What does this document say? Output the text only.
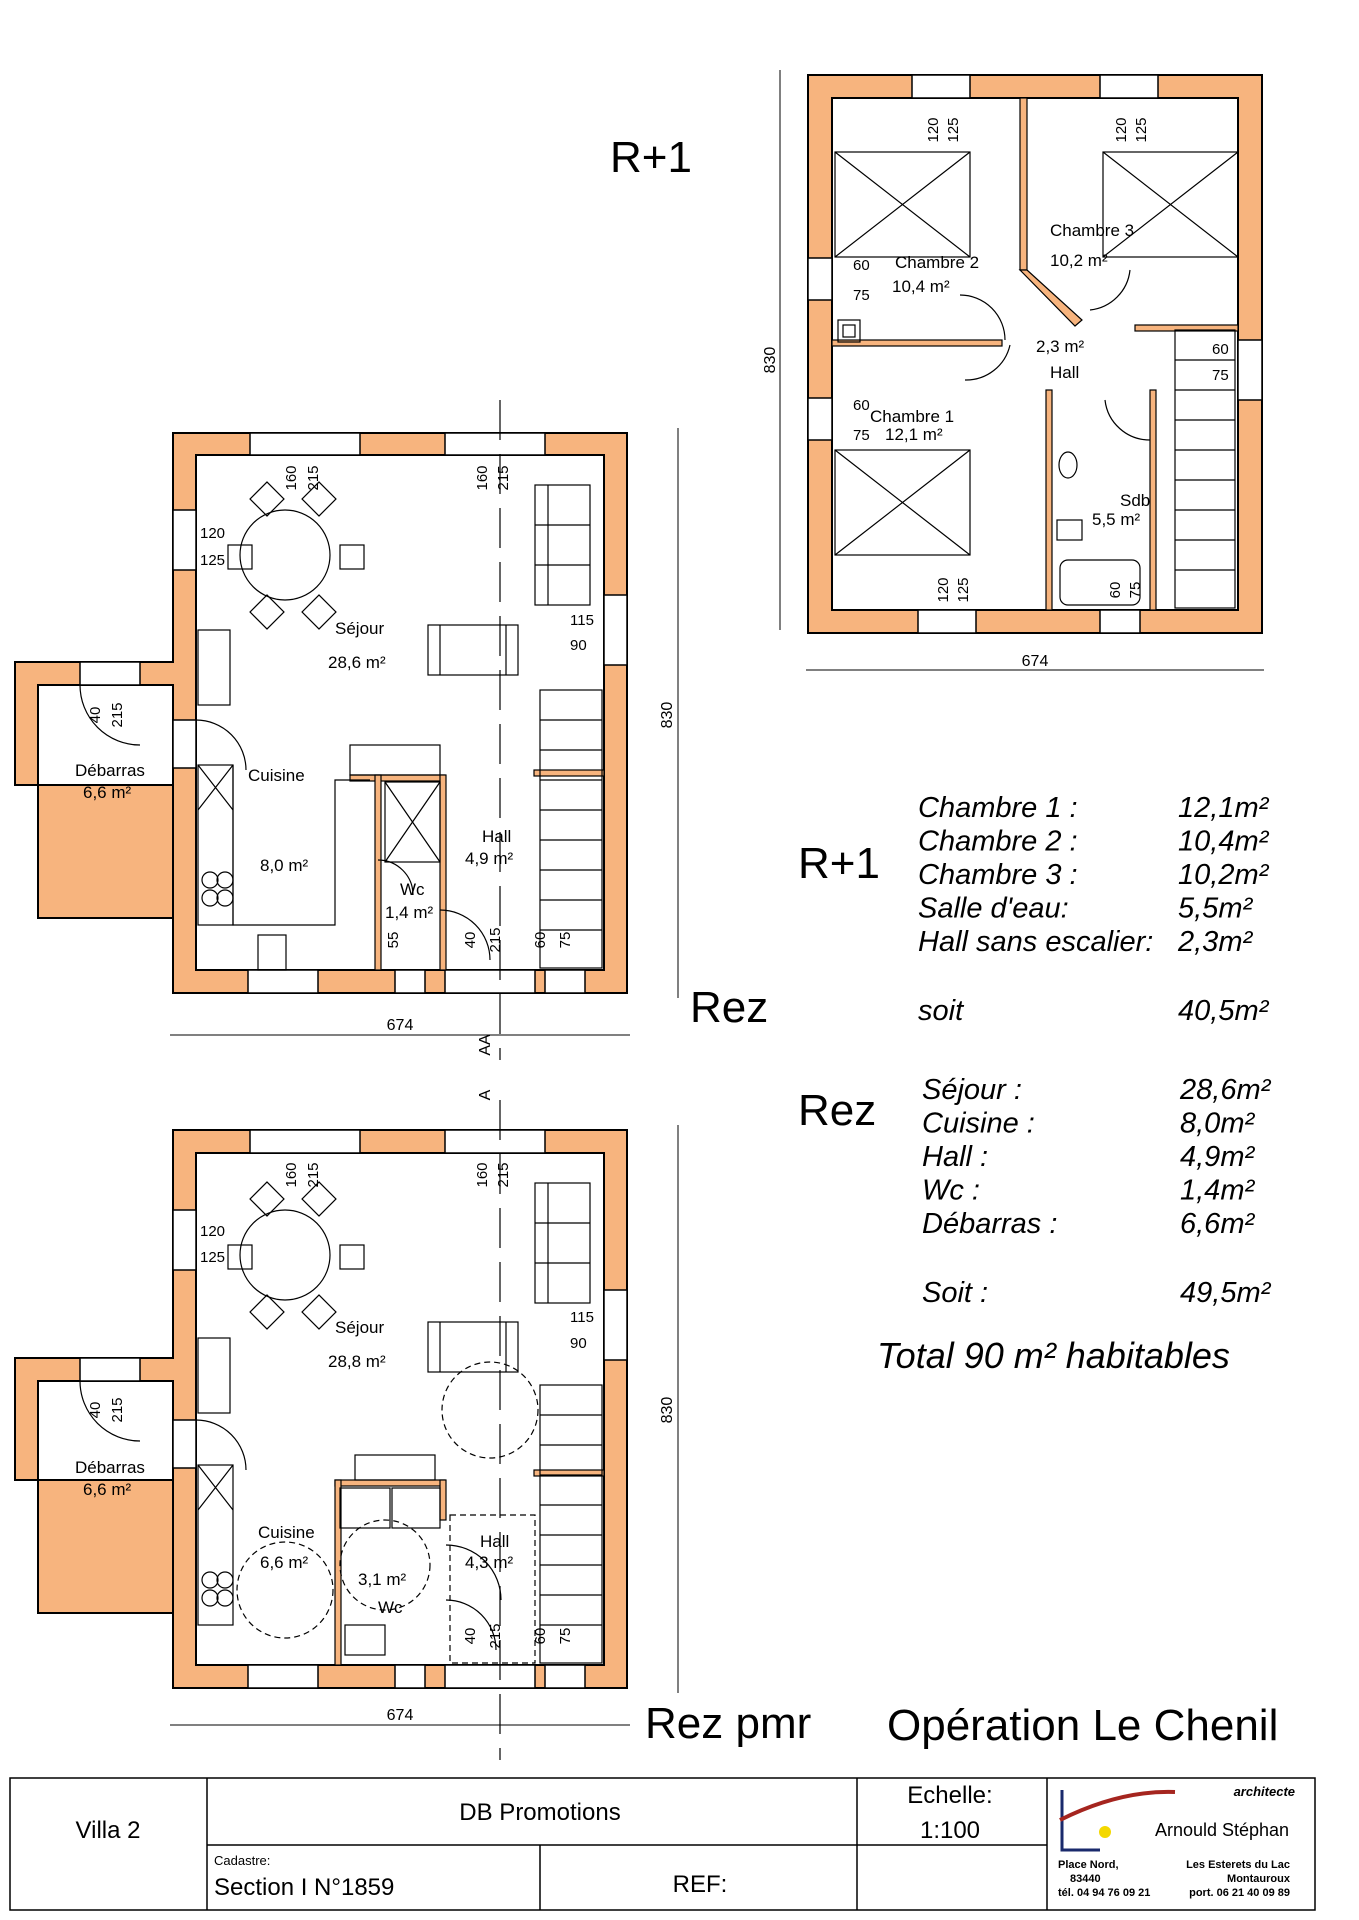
830
674
120 125	120 125
60
75
60
75
60
75
120 125	60 75
Chambre 2
10,4 m²
Chambre 3
10,2 m²
2,3 m²
Hall
Chambre 1
12,1 m²
Sdb
5,5 m²
R+1
830
674
160 215	160 215
120
125
115
90
40 215
55	40 215 60 75
Séjour
28,6 m²
Cuisine
8,0 m²
Débarras
6,6 m²
Hall
4,9 m²
Wc
1,4 m²
Rez
AA
A
830
674
160 215	160 215
120
125
115
90
40 215
40 215 60 75
Séjour
28,8 m²
Cuisine
6,6 m²
Débarras
6,6 m²
Hall
4,3 m²
3,1 m²
Wc
Rez pmr
R+1
Chambre 1 :	12,1m²
Chambre 2 :	10,4m²
Chambre 3 :	10,2m²
Salle d'eau:	5,5m²
Hall sans escalier: 2,3m²
soit	40,5m²
Rez Séjour :	28,6m²
Cuisine :	8,0m²
Hall :	4,9m²
Wc :	1,4m²
Débarras :	6,6m²
Soit :	49,5m²
Total 90 m² habitables
Opération Le Chenil
Villa 2
DB Promotions
Echelle:
1:100
Cadastre:
Section I N°1859	REF:
architecte
Arnould Stéphan
Place Nord,
83440
tél. 04 94 76 09 21
Les Esterets du Lac
Montauroux
port. 06 21 40 09 89
